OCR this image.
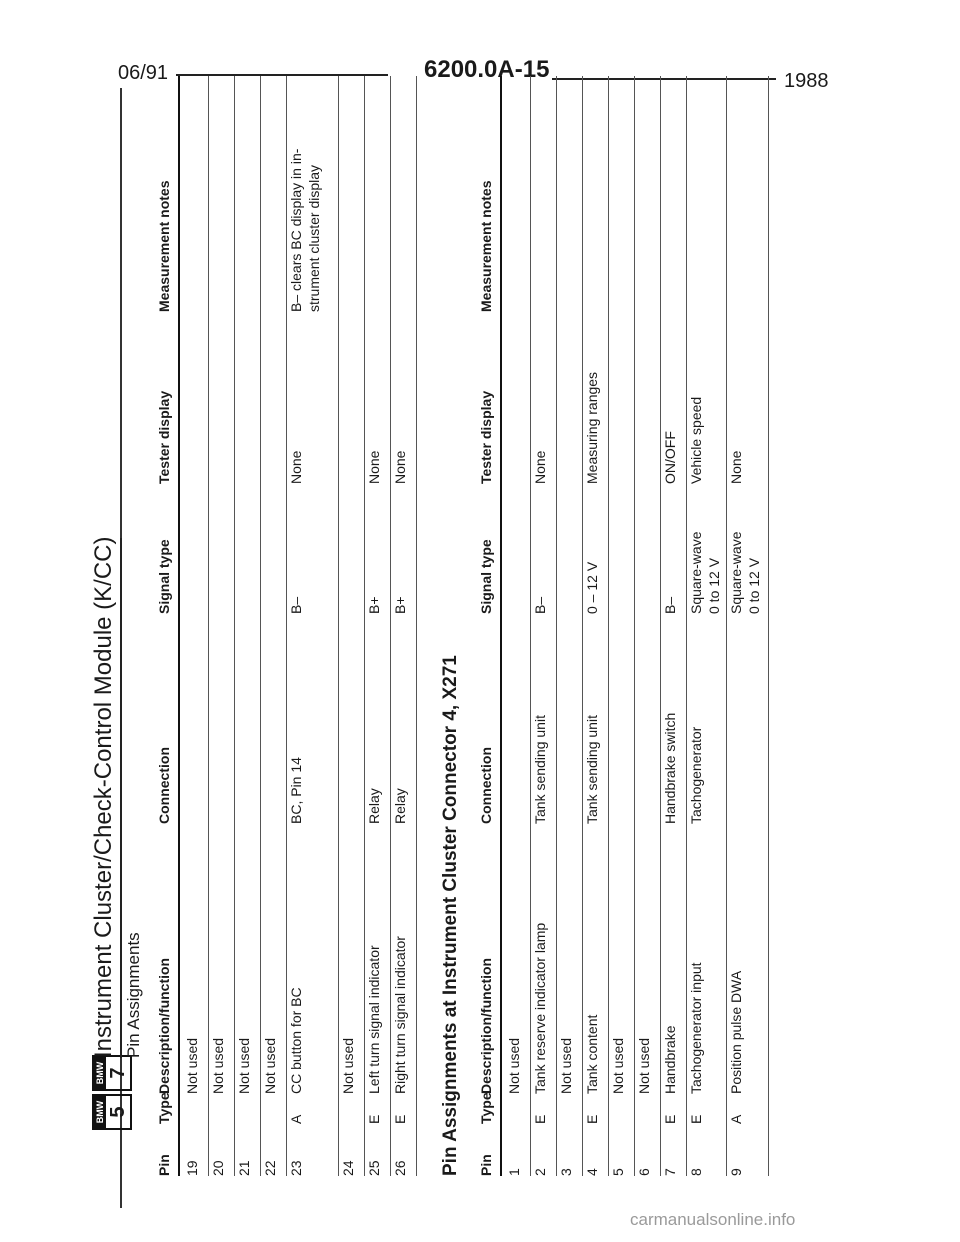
06/91	6200.0A-15	1988
BMW 5
BMW 7
Instrument Cluster/Check-Control Module (K/CC) Pin Assignments
Pin
Type
Description/function
Connection
Signal type
Tester display
Measurement notes
19
Not used
20
Not used
21
Not used
22
Not used
23
A
CC button for BC
BC, Pin 14
B–
None
B– clears BC display in in- strument cluster display
24
Not used
25
E
Left turn signal indicator
Relay
B+
None
26
E
Right turn signal indicator
Relay
B+
None
Pin Assignments at Instrument Cluster Connector 4, X271 Pin
Type
Description/function
Connection
Signal type
Tester display
Measurement notes
1
Not used
2
E
Tank reserve indicator lamp
Tank sending unit
B–
None
3
Not used
4
E
Tank content
Tank sending unit
0 – 12 V
Measuring ranges
5
Not used
6
Not used
7
E
Handbrake
Handbrake switch
B–
ON/OFF
8
E
Tachogenerator input
Tachogenerator
Square-wave 0 to 12 V
Vehicle speed
9
A
Position pulse DWA
Square-wave 0 to 12 V
None
carmanualsonline.info
